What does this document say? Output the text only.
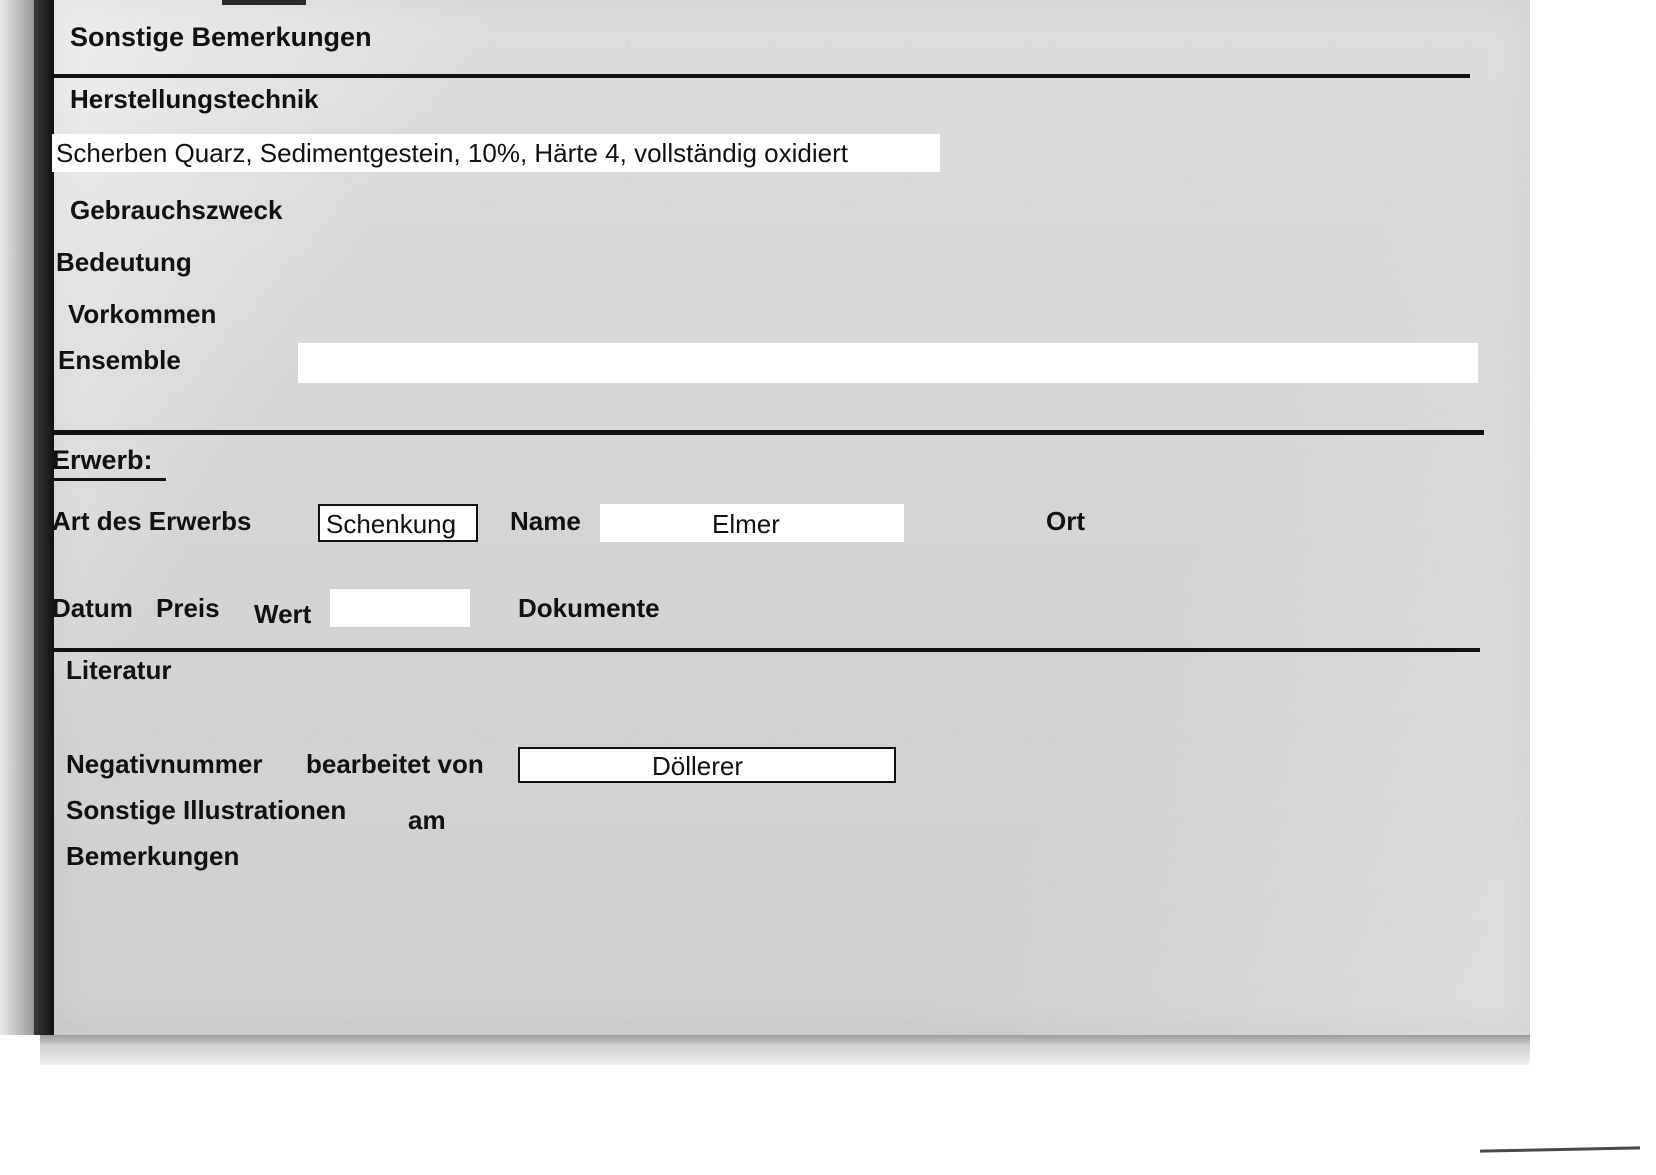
Sonstige Bemerkungen
Herstellungstechnik
Scherben Quarz, Sedimentgestein, 10%, Härte 4, vollständig oxidiert
Gebrauchszweck
Bedeutung
Vorkommen
Ensemble
Erwerb:
Art des Erwerbs	Schenkung Name	Elmer	Ort
Datum Preis Wert	Dokumente
Literatur
Negativnummer bearbeitet von	Döllerer
Sonstige Illustrationen am
Bemerkungen
